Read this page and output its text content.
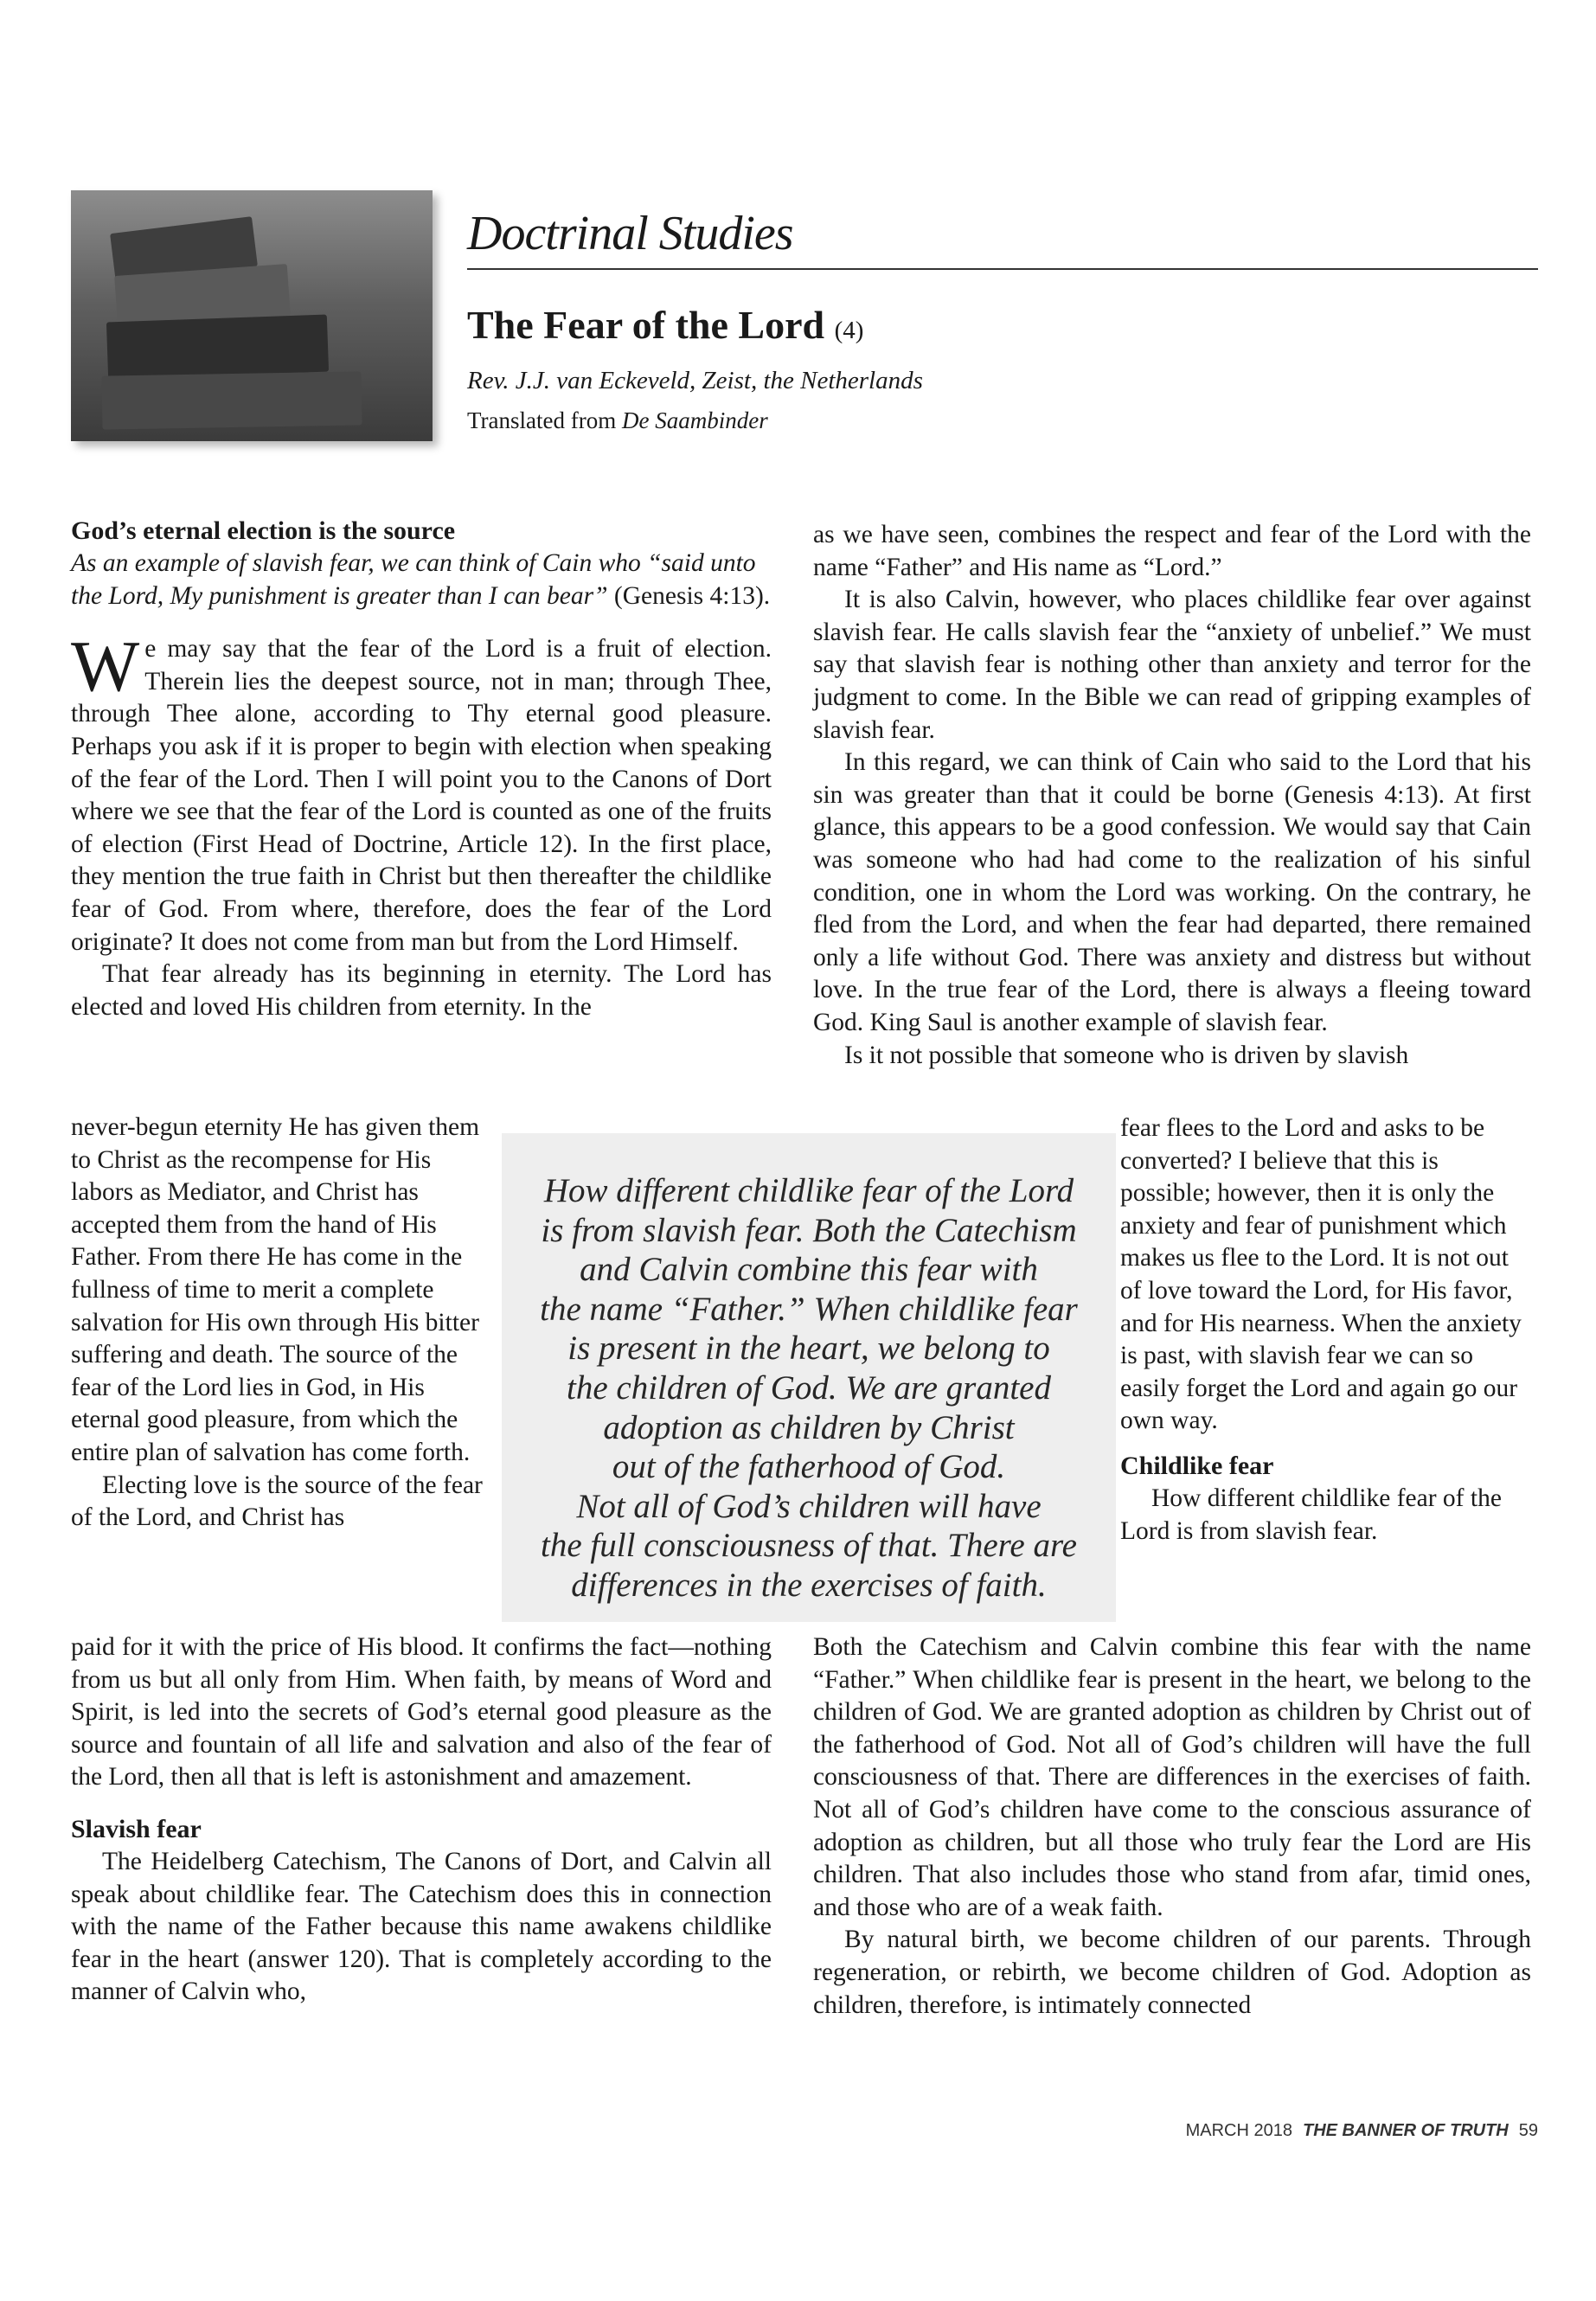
Doctrinal Studies
The Fear of the Lord (4)
Rev. J.J. van Eckeveld, Zeist, the Netherlands
Translated from De Saambinder

God’s eternal election is the source

As an example of slavish fear, we can think of Cain who “said unto the Lord, My punishment is greater than I can bear” (Genesis 4:13).

We may say that the fear of the Lord is a fruit of election. Therein lies the deepest source, not in man; through Thee, through Thee alone, according to Thy eternal good pleasure. Perhaps you ask if it is proper to begin with election when speaking of the fear of the Lord. Then I will point you to the Canons of Dort where we see that the fear of the Lord is counted as one of the fruits of election (First Head of Doctrine, Article 12). In the first place, they mention the true faith in Christ but then thereafter the childlike fear of God. From where, therefore, does the fear of the Lord originate? It does not come from man but from the Lord Himself.

That fear already has its beginning in eternity. The Lord has elected and loved His children from eternity. In the

never-begun eternity He has given them to Christ as the recompense for His labors as Mediator, and Christ has accepted them from the hand of His Father. From there He has come in the fullness of time to merit a complete salvation for His own through His bitter suffering and death. The source of the fear of the Lord lies in God, in His eternal good pleasure, from which the entire plan of salvation has come forth.

Electing love is the source of the fear of the Lord, and Christ has

paid for it with the price of His blood. It confirms the fact—nothing from us but all only from Him. When faith, by means of Word and Spirit, is led into the secrets of God’s eternal good pleasure as the source and fountain of all life and salvation and also of the fear of the Lord, then all that is left is astonishment and amazement.

Slavish fear

The Heidelberg Catechism, The Canons of Dort, and Calvin all speak about childlike fear. The Catechism does this in connection with the name of the Father because this name awakens childlike fear in the heart (answer 120). That is completely according to the manner of Calvin who,

as we have seen, combines the respect and fear of the Lord with the name “Father” and His name as “Lord.”

It is also Calvin, however, who places childlike fear over against slavish fear. He calls slavish fear the “anxiety of unbelief.” We must say that slavish fear is nothing other than anxiety and terror for the judgment to come. In the Bible we can read of gripping examples of slavish fear.

In this regard, we can think of Cain who said to the Lord that his sin was greater than that it could be borne (Genesis 4:13). At first glance, this appears to be a good confession. We would say that Cain was someone who had had come to the realization of his sinful condition, one in whom the Lord was working. On the contrary, he fled from the Lord, and when the fear had departed, there remained only a life without God. There was anxiety and distress but without love. In the true fear of the Lord, there is always a fleeing toward God. King Saul is another example of slavish fear.

Is it not possible that someone who is driven by slavish

fear flees to the Lord and asks to be converted? I believe that this is possible; however, then it is only the anxiety and fear of punishment which makes us flee to the Lord. It is not out of love toward the Lord, for His favor, and for His nearness. When the anxiety is past, with slavish fear we can so easily forget the Lord and again go our own way.

Childlike fear

How different childlike fear of the Lord is from slavish fear.

Both the Catechism and Calvin combine this fear with the name “Father.” When childlike fear is present in the heart, we belong to the children of God. We are granted adoption as children by Christ out of the fatherhood of God. Not all of God’s children will have the full consciousness of that. There are differences in the exercises of faith. Not all of God’s children have come to the conscious assurance of adoption as children, but all those who truly fear the Lord are His children. That also includes those who stand from afar, timid ones, and those who are of a weak faith.

By natural birth, we become children of our parents. Through regeneration, or rebirth, we become children of God. Adoption as children, therefore, is intimately connected

How different childlike fear of the Lord
is from slavish fear. Both the Catechism
and Calvin combine this fear with
the name “Father.” When childlike fear
is present in the heart, we belong to
the children of God. We are granted
adoption as children by Christ
out of the fatherhood of God.
Not all of God’s children will have
the full consciousness of that. There are
differences in the exercises of faith.
MARCH 2018 THE BANNER OF TRUTH 59
